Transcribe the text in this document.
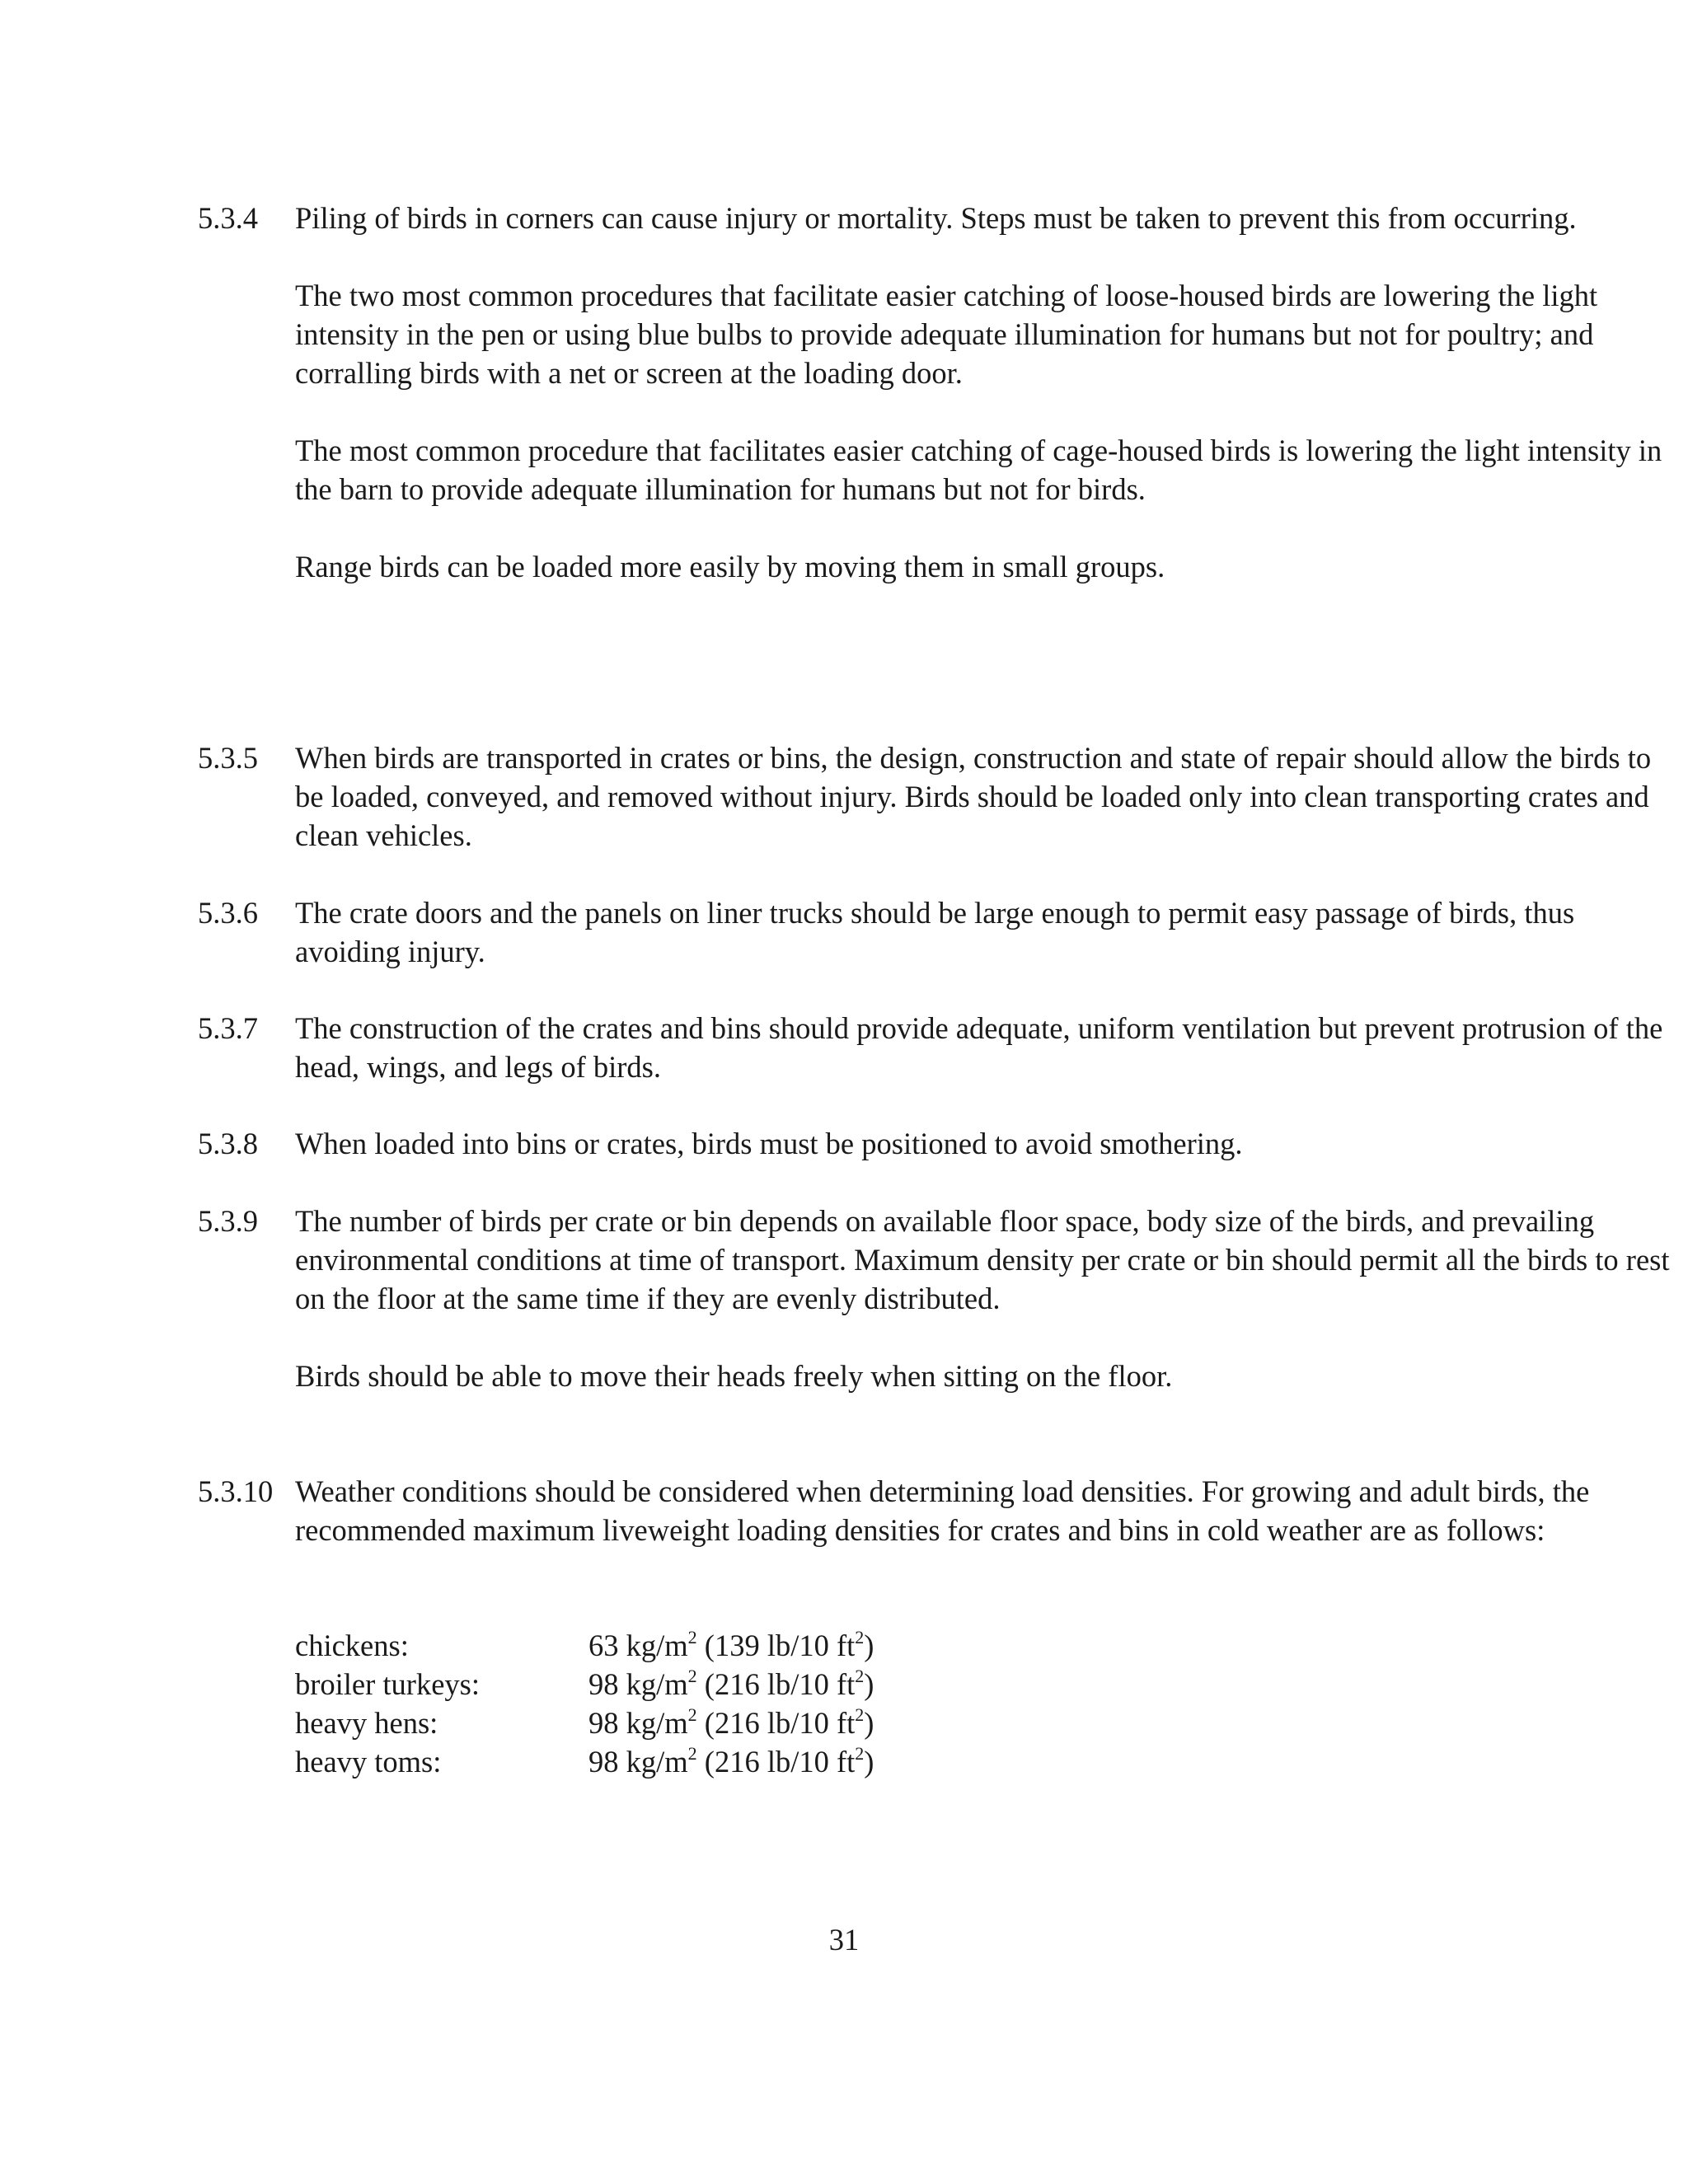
5.3.4	Piling of birds in corners can cause injury or mortality. Steps must be taken to prevent this from occurring.

The two most common procedures that facilitate easier catching of loose-housed birds are lowering the light intensity in the pen or using blue bulbs to provide adequate illumination for humans but not for poultry; and corralling birds with a net or screen at the loading door.

The most common procedure that facilitates easier catching of cage-housed birds is lowering the light intensity in the barn to provide adequate illumination for humans but not for birds.

Range birds can be loaded more easily by moving them in small groups.

5.3.5	When birds are transported in crates or bins, the design, construction and state of repair should allow the birds to be loaded, conveyed, and removed without injury. Birds should be loaded only into clean transporting crates and clean vehicles.

5.3.6	The crate doors and the panels on liner trucks should be large enough to permit easy passage of birds, thus avoiding injury.

5.3.7	The construction of the crates and bins should provide adequate, uniform ventilation but prevent protrusion of the head, wings, and legs of birds.

5.3.8	When loaded into bins or crates, birds must be positioned to avoid smothering.

5.3.9	The number of birds per crate or bin depends on available floor space, body size of the birds, and prevailing environmental conditions at time of transport. Maximum density per crate or bin should permit all the birds to rest on the floor at the same time if they are evenly distributed.

Birds should be able to move their heads freely when sitting on the floor.

5.3.10 Weather conditions should be considered when determining load densities. For growing and adult birds, the recommended maximum liveweight loading densities for crates and bins in cold weather are as follows:

chickens:	63 $kg/m^2$ (139 lb/10 $ft^2$)
broiler turkeys:	98 $kg/m^2$ (216 lb/10 $ft^2$)
heavy hens:	98 $kg/m^2$ (216 lb/10 $ft^2$)
heavy toms:	98 $kg/m^2$ (216 lb/10 $ft^2$)
31
